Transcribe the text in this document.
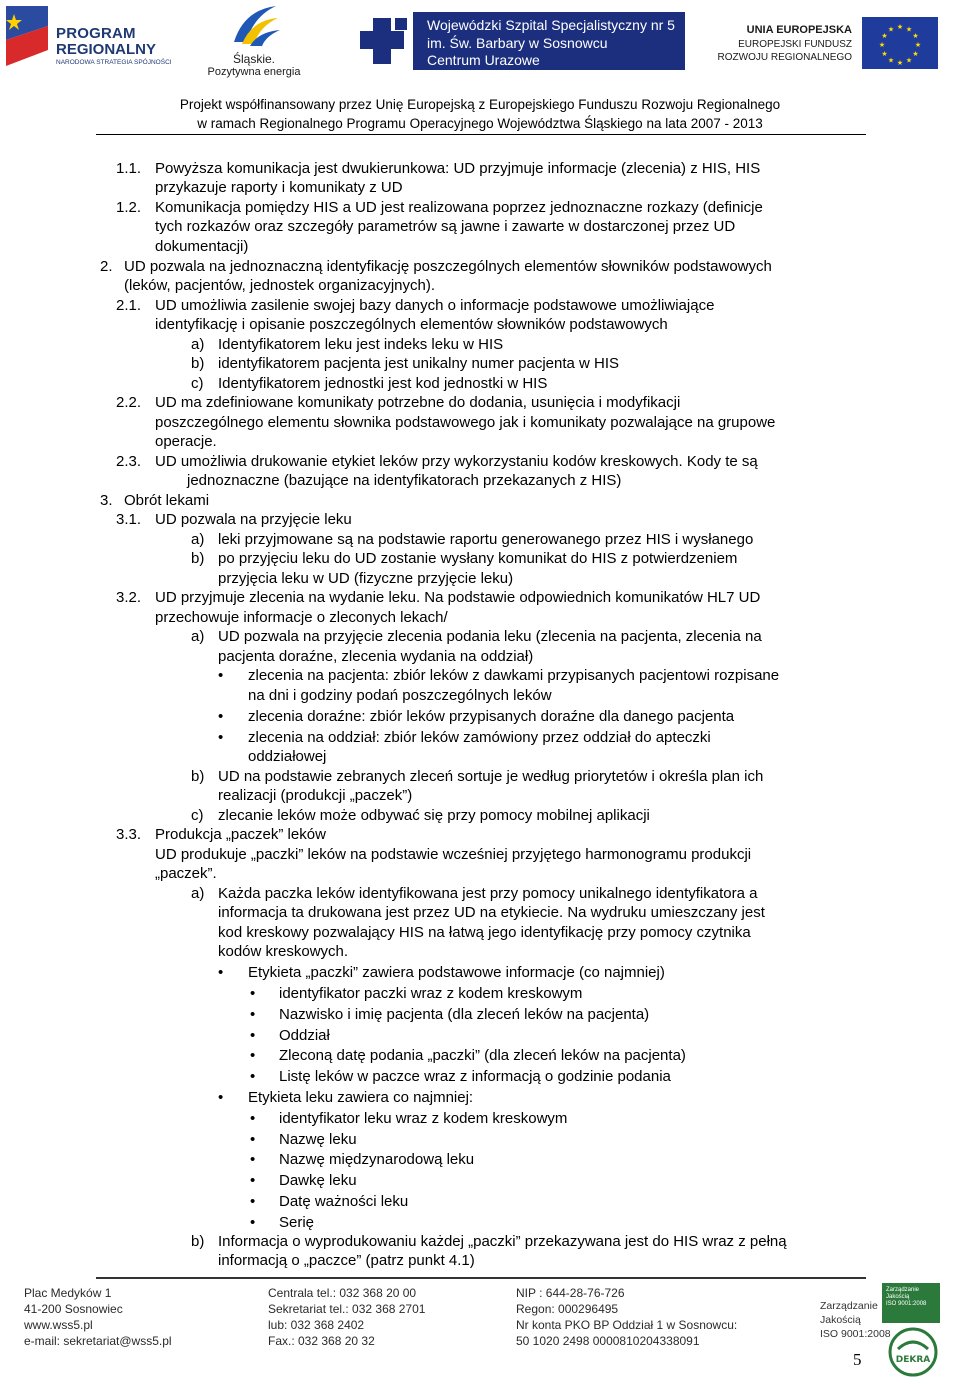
PROGRAM
REGIONALNY
NARODOWA STRATEGIA SPÓJNOŚCI	Śląskie.
Pozytywna energia
Wojewódzki Szpital Specjalistyczny nr 5
im. Św. Barbary w Sosnowcu
Centrum Urazowe
UNIA EUROPEJSKA
EUROPEJSKI FUNDUSZ
ROZWOJU REGIONALNEGO
★ ★
★
★
★
★
★
★
★
★
★
★
Projekt współfinansowany przez Unię Europejską z Europejskiego Funduszu Rozwoju Regionalnego
w ramach Regionalnego Programu Operacyjnego Województwa Śląskiego na lata 2007 - 2013
1.1. Powyższa komunikacja jest dwukierunkowa: UD przyjmuje informacje (zlecenia) z HIS, HIS
przykazuje raporty i komunikaty z UD
1.2. Komunikacja pomiędzy HIS a UD jest realizowana poprzez jednoznaczne rozkazy (definicje
tych rozkazów oraz szczegóły parametrów są jawne i zawarte w dostarczonej przez UD
dokumentacji)
2. UD pozwala na jednoznaczną identyfikację poszczególnych elementów słowników podstawowych
(leków, pacjentów, jednostek organizacyjnych).
2.1. UD umożliwia zasilenie swojej bazy danych o informacje podstawowe umożliwiające
identyfikację i opisanie poszczególnych elementów słowników podstawowych
a) Identyfikatorem leku jest indeks leku w HIS
b) identyfikatorem pacjenta jest unikalny numer pacjenta w HIS
c) Identyfikatorem jednostki jest kod jednostki w HIS
2.2. UD ma zdefiniowane komunikaty potrzebne do dodania, usunięcia i modyfikacji
poszczególnego elementu słownika podstawowego jak i komunikaty pozwalające na grupowe
operacje.
2.3. UD umożliwia drukowanie etykiet leków przy wykorzystaniu kodów kreskowych. Kody te są
jednoznaczne (bazujące na identyfikatorach przekazanych z HIS)
3. Obrót lekami
3.1. UD pozwala na przyjęcie leku
a) leki przyjmowane są na podstawie raportu generowanego przez HIS i wysłanego
b) po przyjęciu leku do UD zostanie wysłany komunikat do HIS z potwierdzeniem
przyjęcia leku w UD (fizyczne przyjęcie leku)
3.2. UD przyjmuje zlecenia na wydanie leku. Na podstawie odpowiednich komunikatów HL7 UD
przechowuje informacje o zleconych lekach/
a) UD pozwala na przyjęcie zlecenia podania leku (zlecenia na pacjenta, zlecenia na
pacjenta doraźne, zlecenia wydania na oddział)
• zlecenia na pacjenta: zbiór leków z dawkami przypisanych pacjentowi rozpisane
na dni i godziny podań poszczególnych leków
• zlecenia doraźne: zbiór leków przypisanych doraźne dla danego pacjenta
• zlecenia na oddział: zbiór leków zamówiony przez oddział do apteczki
oddziałowej
b) UD na podstawie zebranych zleceń sortuje je według priorytetów i określa plan ich
realizacji (produkcji „paczek”)
c) zlecanie leków może odbywać się przy pomocy mobilnej aplikacji
3.3. Produkcja „paczek” leków
UD produkuje „paczki” leków na podstawie wcześniej przyjętego harmonogramu produkcji
„paczek”.
a) Każda paczka leków identyfikowana jest przy pomocy unikalnego identyfikatora a
informacja ta drukowana jest przez UD na etykiecie. Na wydruku umieszczany jest
kod kreskowy pozwalający HIS na łatwą jego identyfikację przy pomocy czytnika
kodów kreskowych.
• Etykieta „paczki” zawiera podstawowe informacje (co najmniej)
• identyfikator paczki wraz z kodem kreskowym
• Nazwisko i imię pacjenta (dla zleceń leków na pacjenta)
• Oddział
• Zleconą datę podania „paczki” (dla zleceń leków na pacjenta)
• Listę leków w paczce wraz z informacją o godzinie podania
• Etykieta leku zawiera co najmniej:
• identyfikator leku wraz z kodem kreskowym
• Nazwę leku
• Nazwę międzynarodową leku
• Dawkę leku
• Datę ważności leku
• Serię
b) Informacja o wyprodukowaniu każdej „paczki” przekazywana jest do HIS wraz z pełną
informacją o „paczce” (patrz punkt 4.1)
Plac Medyków 1
41-200 Sosnowiec
www.wss5.pl
e-mail: sekretariat@wss5.pl
Centrala tel.: 032 368 20 00
Sekretariat tel.: 032 368 2701
lub: 032 368 2402
Fax.: 032 368 20 32
NIP : 644-28-76-726
Regon: 000296495
Nr konta PKO BP Oddział 1 w Sosnowcu:
50 1020 2498 0000810204338091
Zarządzanie
Jakością
ISO 9001:2008
Zarządzanie
Jakością
ISO 9001:2008
DEKRA
5
